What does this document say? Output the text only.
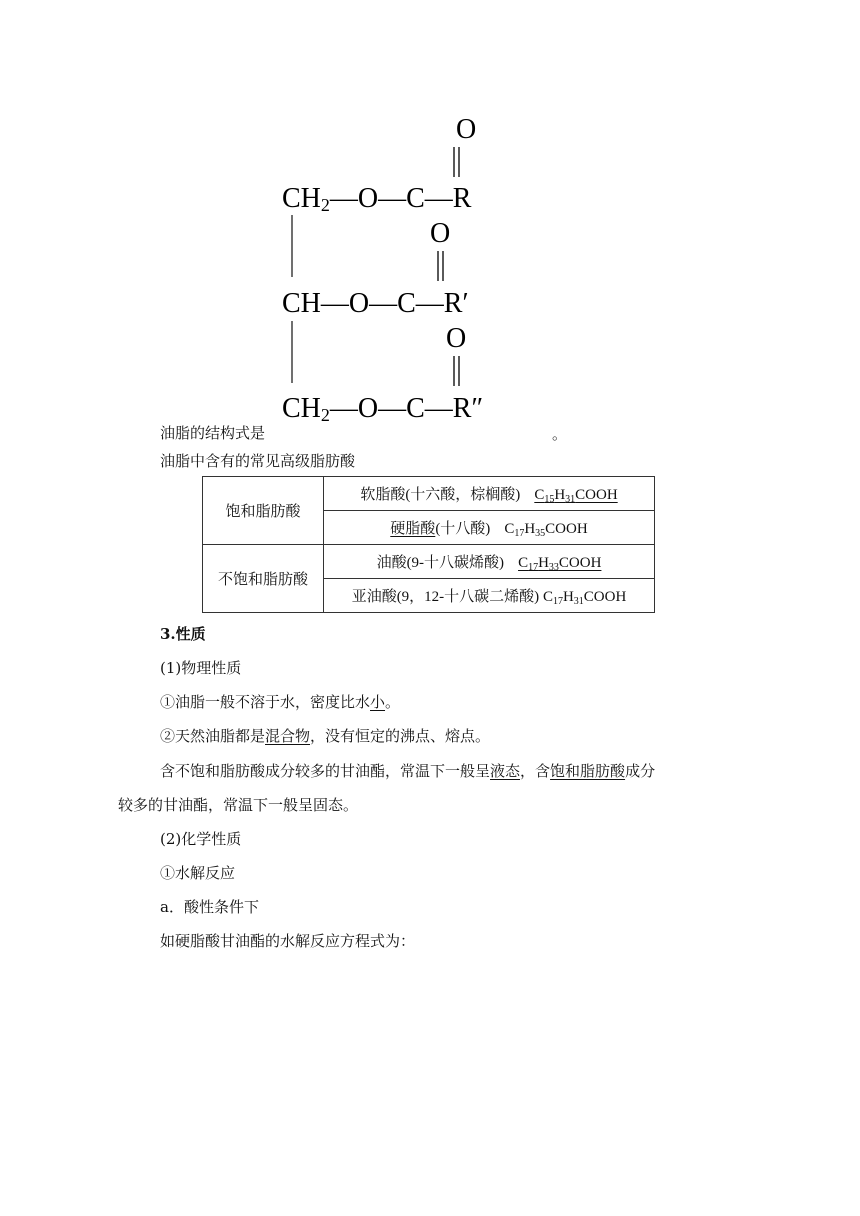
O
CH2—O—C—R
O
CH—O—C—R′
O
CH2—O—C—R″
油脂的结构式是	。
油脂中含有的常见高级脂肪酸
饱和脂肪酸	软脂酸(十六酸，棕榈酸) $C_{15}H_{31}COOH$
	硬脂酸(十八酸) $C_{17}H_{35}COOH$
不饱和脂肪酸	油酸(9-十八碳烯酸) $C_{17}H_{33}COOH$
	亚油酸(9，12-十八碳二烯酸) $C_{17}H_{31}COOH$
3.性质
(1)物理性质
①油脂一般不溶于水，密度比水小。
②天然油脂都是混合物，没有恒定的沸点、熔点。
含不饱和脂肪酸成分较多的甘油酯，常温下一般呈液态，含饱和脂肪酸成分
较多的甘油酯，常温下一般呈固态。
(2)化学性质
①水解反应
a．酸性条件下
如硬脂酸甘油酯的水解反应方程式为：
